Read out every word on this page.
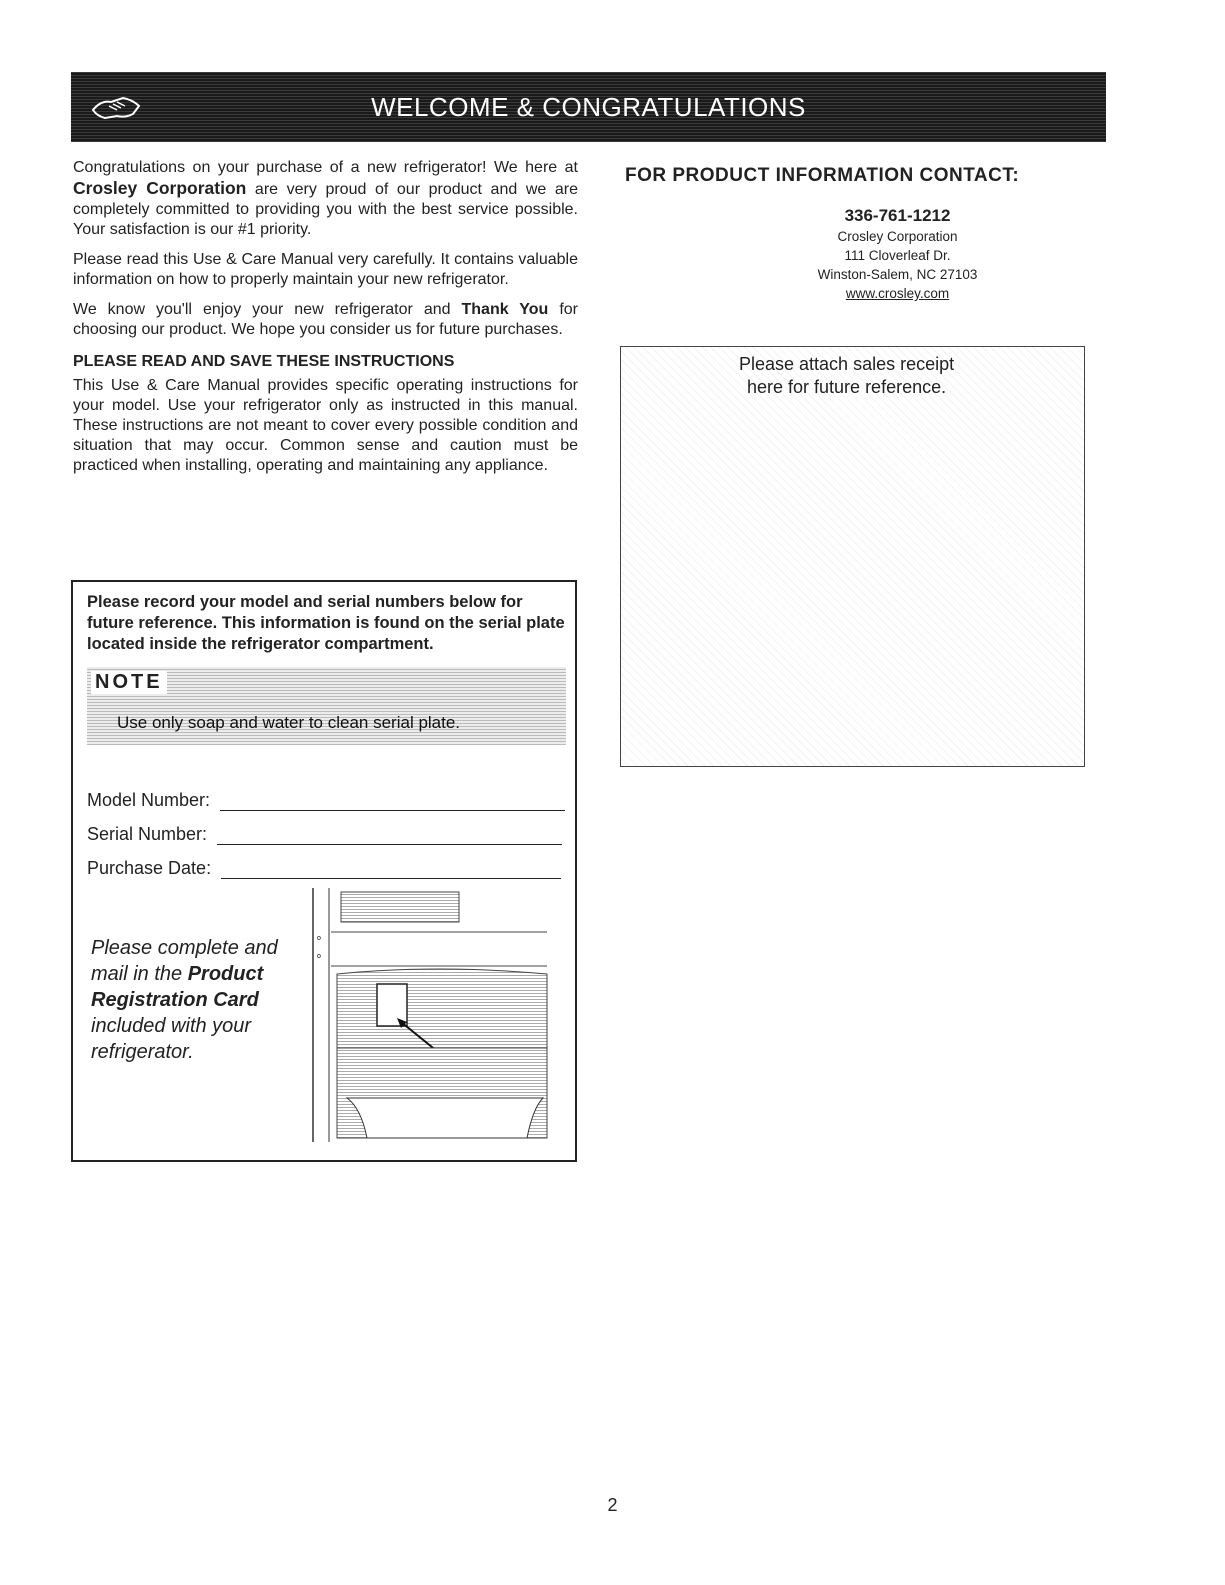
WELCOME & CONGRATULATIONS

Congratulations on your purchase of a new refrigerator! We here at Crosley Corporation are very proud of our product and we are completely committed to providing you with the best service possible. Your satisfaction is our #1 priority.

Please read this Use & Care Manual very carefully. It contains valuable information on how to properly maintain your new refrigerator.

We know you'll enjoy your new refrigerator and Thank You for choosing our product. We hope you consider us for future purchases.

PLEASE READ AND SAVE THESE INSTRUCTIONS

This Use & Care Manual provides specific operating instructions for your model. Use your refrigerator only as instructed in this manual. These instructions are not meant to cover every possible condition and situation that may occur. Common sense and caution must be practiced when installing, operating and maintaining any appliance.

Please record your model and serial numbers below for future reference. This information is found on the serial plate located inside the refrigerator compartment.
NOTE
Use only soap and water to clean serial plate.
Model Number:
Serial Number:
Purchase Date:
Please complete and mail in the Product Registration Card included with your refrigerator.
o
o
FOR PRODUCT INFORMATION CONTACT:
336-761-1212
Crosley Corporation
111 Cloverleaf Dr.
Winston-Salem, NC 27103
www.crosley.com
Please attach sales receipt
here for future reference.
2
